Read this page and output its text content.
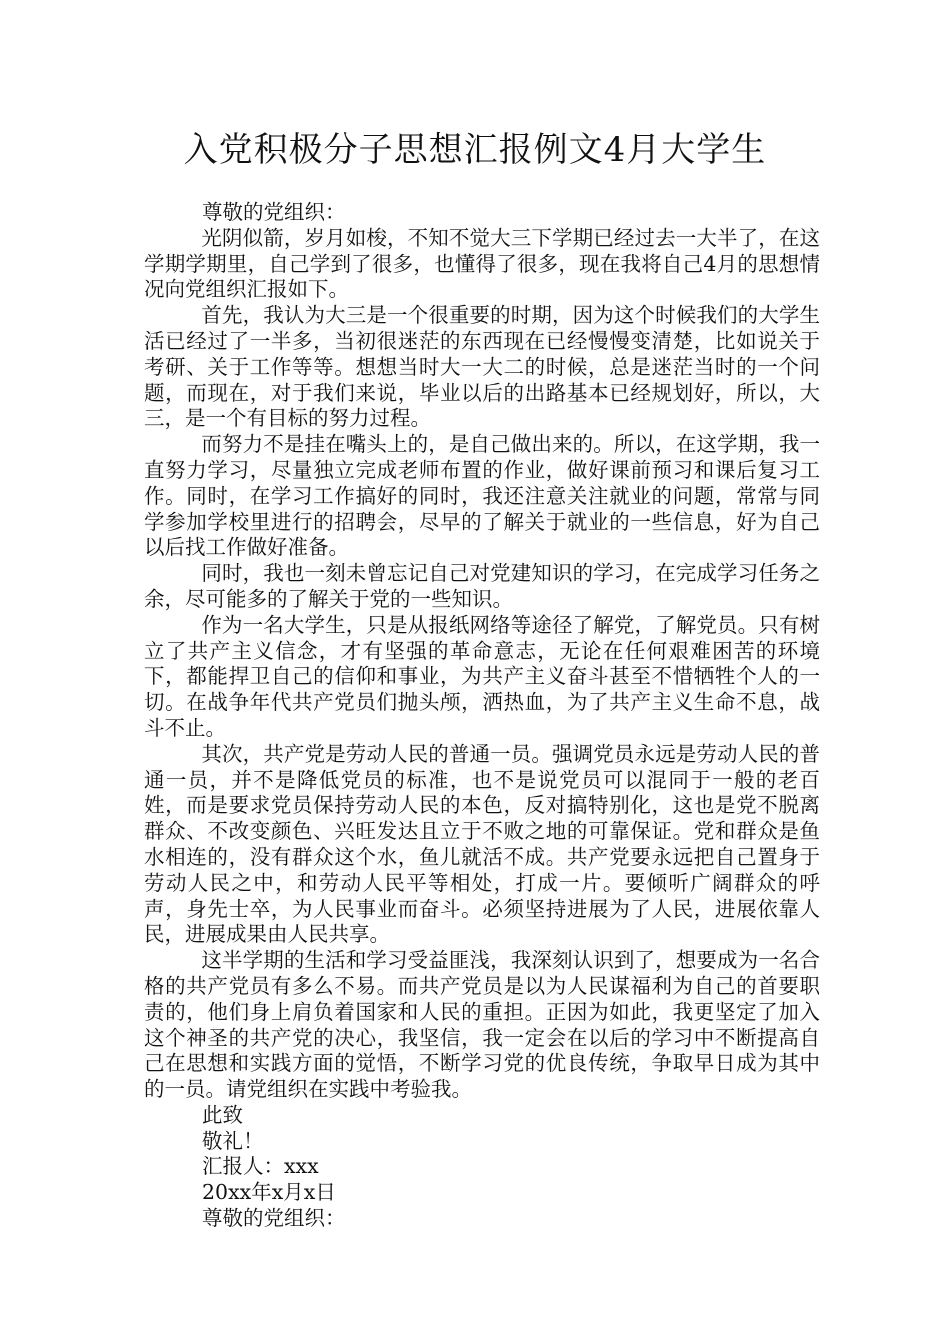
入党积极分子思想汇报例文4月大学生

尊敬的党组织：

光阴似箭，岁月如梭，不知不觉大三下学期已经过去一大半了，在这学期学期里，自己学到了很多，也懂得了很多，现在我将自己4月的思想情况向党组织汇报如下。

首先，我认为大三是一个很重要的时期，因为这个时候我们的大学生活已经过了一半多，当初很迷茫的东西现在已经慢慢变清楚，比如说关于考研、关于工作等等。想想当时大一大二的时候，总是迷茫当时的一个问题，而现在，对于我们来说，毕业以后的出路基本已经规划好，所以，大三，是一个有目标的努力过程。

而努力不是挂在嘴头上的，是自己做出来的。所以，在这学期，我一直努力学习，尽量独立完成老师布置的作业，做好课前预习和课后复习工作。同时，在学习工作搞好的同时，我还注意关注就业的问题，常常与同学参加学校里进行的招聘会，尽早的了解关于就业的一些信息，好为自己以后找工作做好准备。

同时，我也一刻未曾忘记自己对党建知识的学习，在完成学习任务之余，尽可能多的了解关于党的一些知识。

作为一名大学生，只是从报纸网络等途径了解党，了解党员。只有树立了共产主义信念，才有坚强的革命意志，无论在任何艰难困苦的环境下，都能捍卫自己的信仰和事业，为共产主义奋斗甚至不惜牺牲个人的一切。在战争年代共产党员们抛头颅，洒热血，为了共产主义生命不息，战斗不止。

其次，共产党是劳动人民的普通一员。强调党员永远是劳动人民的普通一员，并不是降低党员的标准，也不是说党员可以混同于一般的老百姓，而是要求党员保持劳动人民的本色，反对搞特别化，这也是党不脱离群众、不改变颜色、兴旺发达且立于不败之地的可靠保证。党和群众是鱼水相连的，没有群众这个水，鱼儿就活不成。共产党要永远把自己置身于劳动人民之中，和劳动人民平等相处，打成一片。要倾听广阔群众的呼声，身先士卒，为人民事业而奋斗。必须坚持进展为了人民，进展依靠人民，进展成果由人民共享。

这半学期的生活和学习受益匪浅，我深刻认识到了，想要成为一名合格的共产党员有多么不易。而共产党员是以为人民谋福利为自己的首要职责的，他们身上肩负着国家和人民的重担。正因为如此，我更坚定了加入这个神圣的共产党的决心，我坚信，我一定会在以后的学习中不断提高自己在思想和实践方面的觉悟，不断学习党的优良传统，争取早日成为其中的一员。请党组织在实践中考验我。

此致

敬礼！

汇报人：xxx

20xx年x月x日

尊敬的党组织：
